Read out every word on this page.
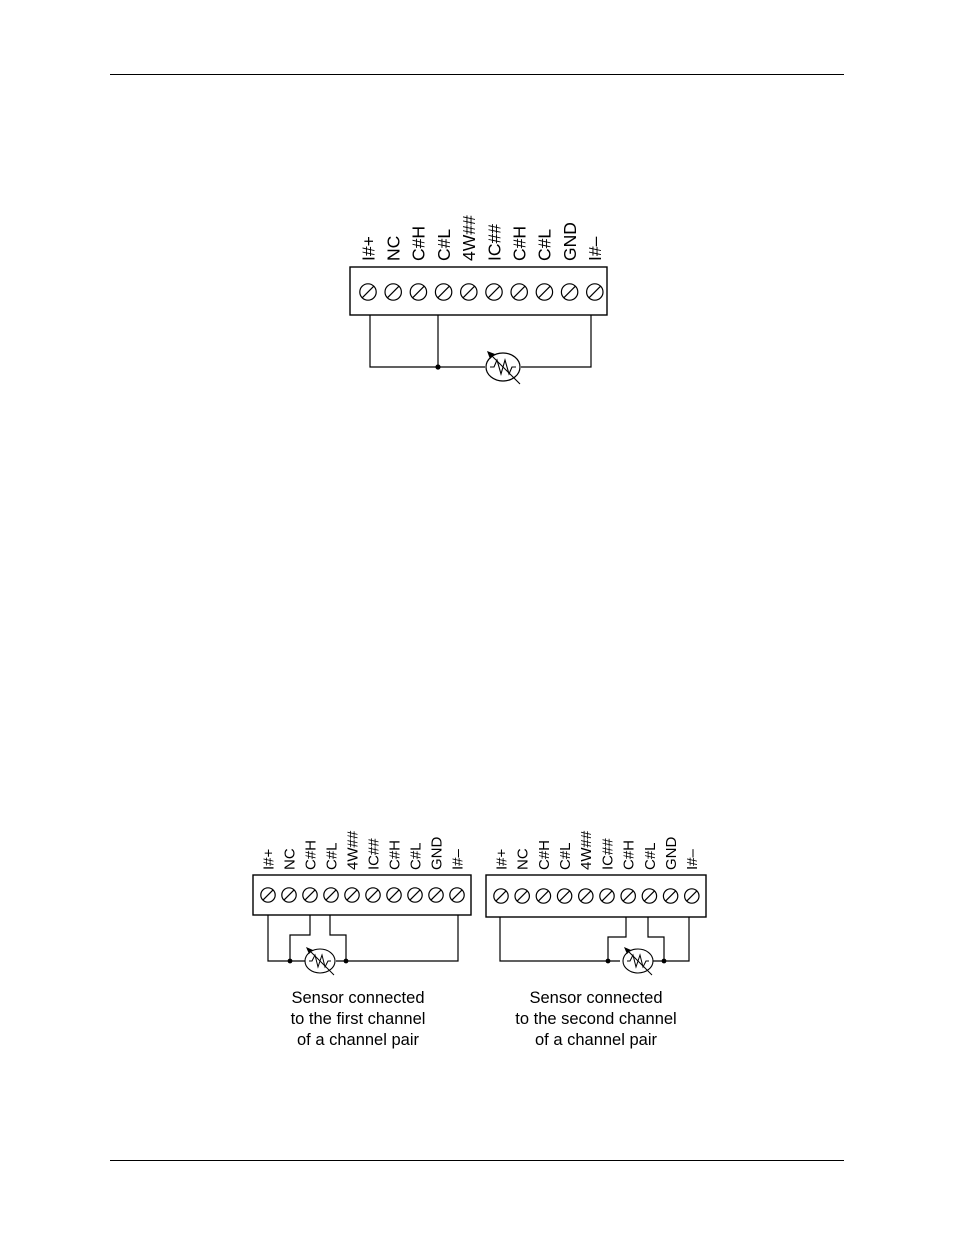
I#+ NC C#H C#L 4W## IC## C#H C#L GND I#–
I#+ NC C#H C#L 4W## IC## C#H C#L GND I#– I#+ NC C#H C#L 4W## IC## C#H C#L GND I#–
Sensor connected
to the first channel
of a channel pair
Sensor connected
to the second channel
of a channel pair
